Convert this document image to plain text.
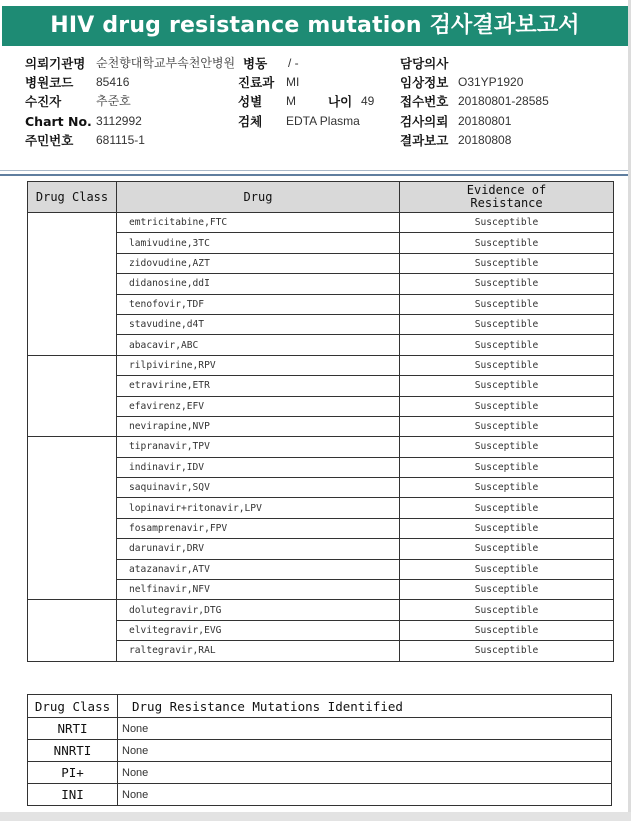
HIV drug resistance mutation 검사결과보고서
의뢰기관명 순천향대학교부속천안병원 병동 / -	담당의사
병원코드 85416	진료과 MI	임상정보 O31YP1920
수진자	추준호	성별 M	나이 49 접수번호 20180801-28585
Chart No. 3112992	검체 EDTA Plasma	검사의뢰 20180801
주민번호 681115-1	결과보고 20180808
Drug Class	Drug	Evidence of
Resistance
	emtricitabine,FTC	Susceptible
	lamivudine,3TC	Susceptible
	zidovudine,AZT	Susceptible
	didanosine,ddI	Susceptible
	tenofovir,TDF	Susceptible
	stavudine,d4T	Susceptible
	abacavir,ABC	Susceptible
	rilpivirine,RPV	Susceptible
	etravirine,ETR	Susceptible
	efavirenz,EFV	Susceptible
	nevirapine,NVP	Susceptible
	tipranavir,TPV	Susceptible
	indinavir,IDV	Susceptible
	saquinavir,SQV	Susceptible
	lopinavir+ritonavir,LPV	Susceptible
	fosamprenavir,FPV	Susceptible
	darunavir,DRV	Susceptible
	atazanavir,ATV	Susceptible
	nelfinavir,NFV	Susceptible
	dolutegravir,DTG	Susceptible
	elvitegravir,EVG	Susceptible
	raltegravir,RAL	Susceptible
Drug Class	Drug Resistance Mutations Identified
NRTI	None
NNRTI	None
PI+	None
INI	None
